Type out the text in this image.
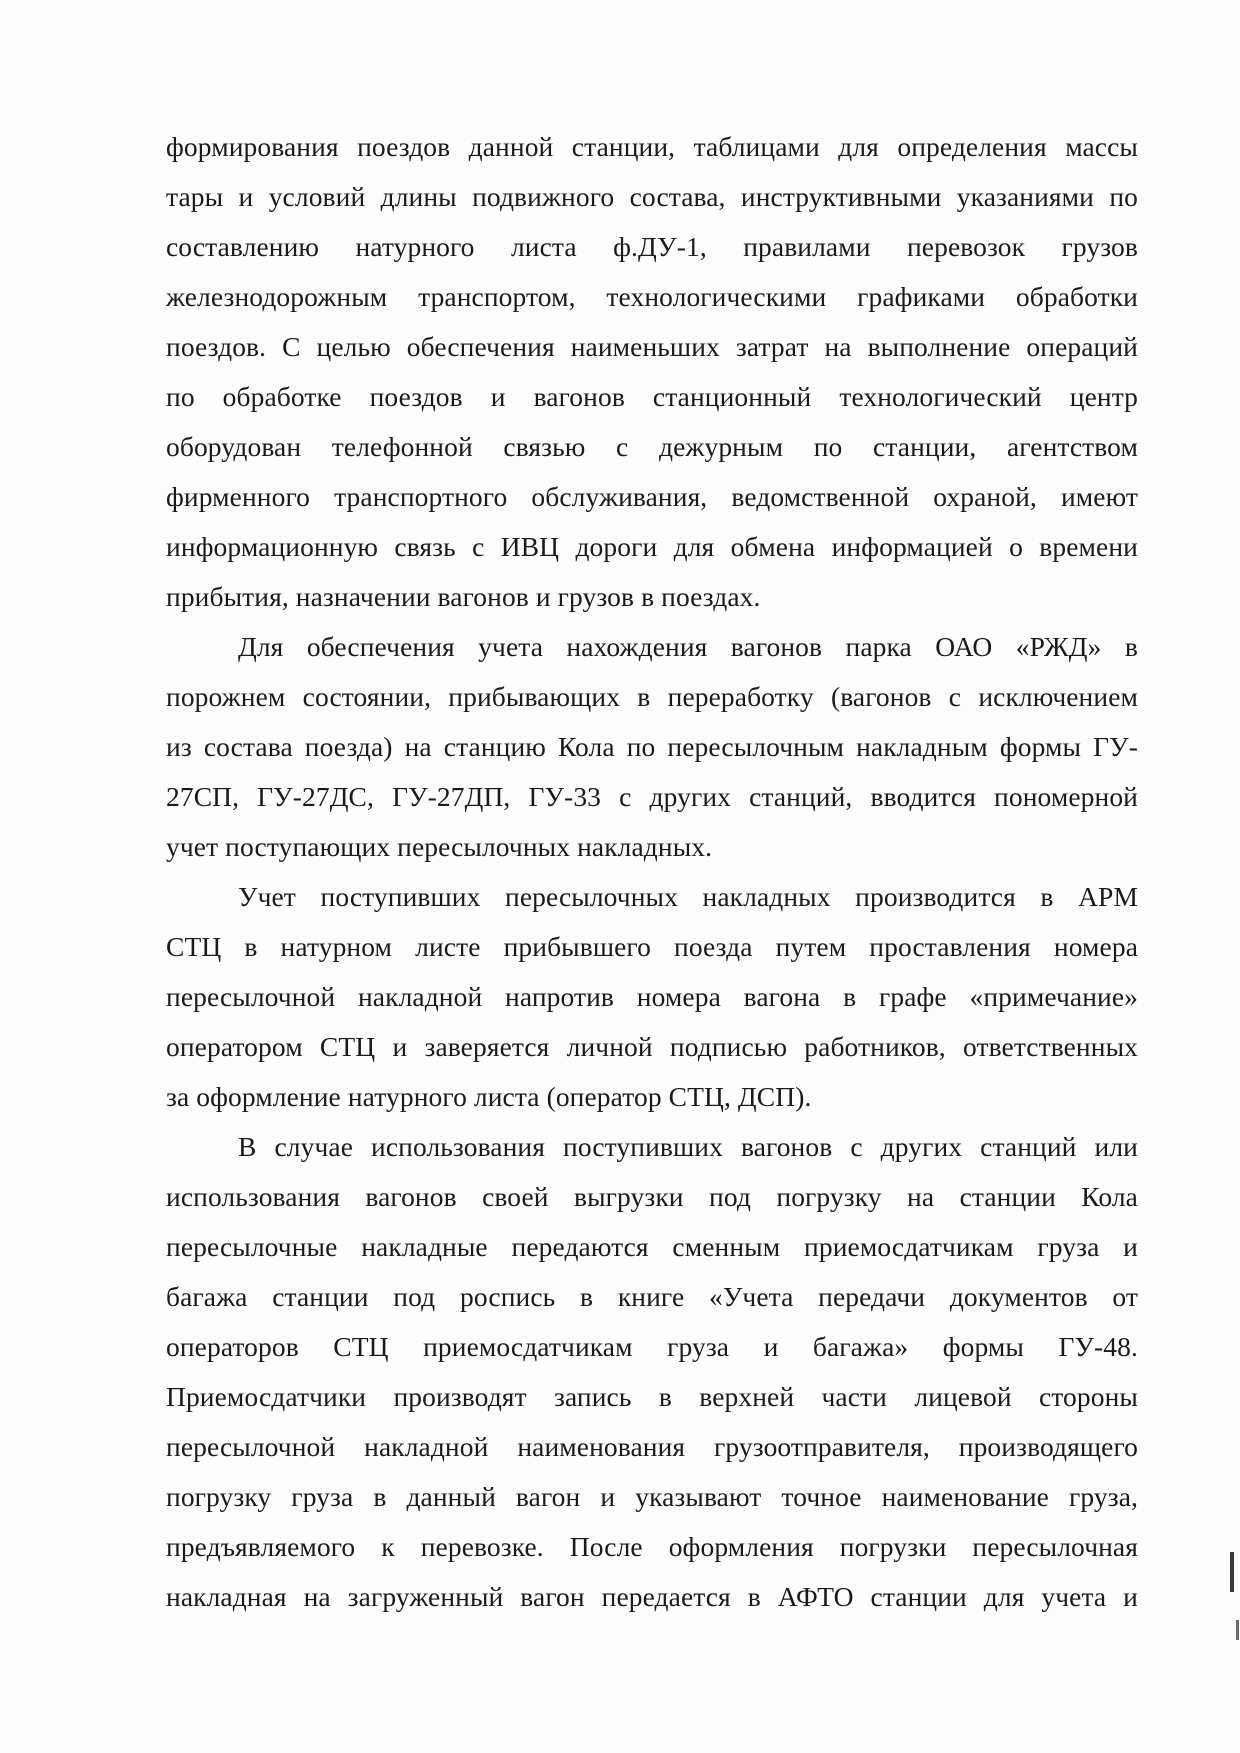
формирования поездов данной станции, таблицами для определения массы
тары и условий длины подвижного состава, инструктивными указаниями по
составлению натурного листа ф.ДУ-1, правилами перевозок грузов
железнодорожным транспортом, технологическими графиками обработки
поездов. С целью обеспечения наименьших затрат на выполнение операций
по обработке поездов и вагонов станционный технологический центр
оборудован телефонной связью с дежурным по станции, агентством
фирменного транспортного обслуживания, ведомственной охраной, имеют
информационную связь с ИВЦ дороги для обмена информацией о времени
прибытия, назначении вагонов и грузов в поездах.
Для обеспечения учета нахождения вагонов парка ОАО «РЖД» в
порожнем состоянии, прибывающих в переработку (вагонов с исключением
из состава поезда) на станцию Кола по пересылочным накладным формы ГУ-
27СП, ГУ-27ДС, ГУ-27ДП, ГУ-33 с других станций, вводится пономерной
учет поступающих пересылочных накладных.
Учет поступивших пересылочных накладных производится в АРМ
СТЦ в натурном листе прибывшего поезда путем проставления номера
пересылочной накладной напротив номера вагона в графе «примечание»
оператором СТЦ и заверяется личной подписью работников, ответственных
за оформление натурного листа (оператор СТЦ, ДСП).
В случае использования поступивших вагонов с других станций или
использования вагонов своей выгрузки под погрузку на станции Кола
пересылочные накладные передаются сменным приемосдатчикам груза и
багажа станции под роспись в книге «Учета передачи документов от
операторов СТЦ приемосдатчикам груза и багажа» формы ГУ-48.
Приемосдатчики производят запись в верхней части лицевой стороны
пересылочной накладной наименования грузоотправителя, производящего
погрузку груза в данный вагон и указывают точное наименование груза,
предъявляемого к перевозке. После оформления погрузки пересылочная
накладная на загруженный вагон передается в АФТО станции для учета и
